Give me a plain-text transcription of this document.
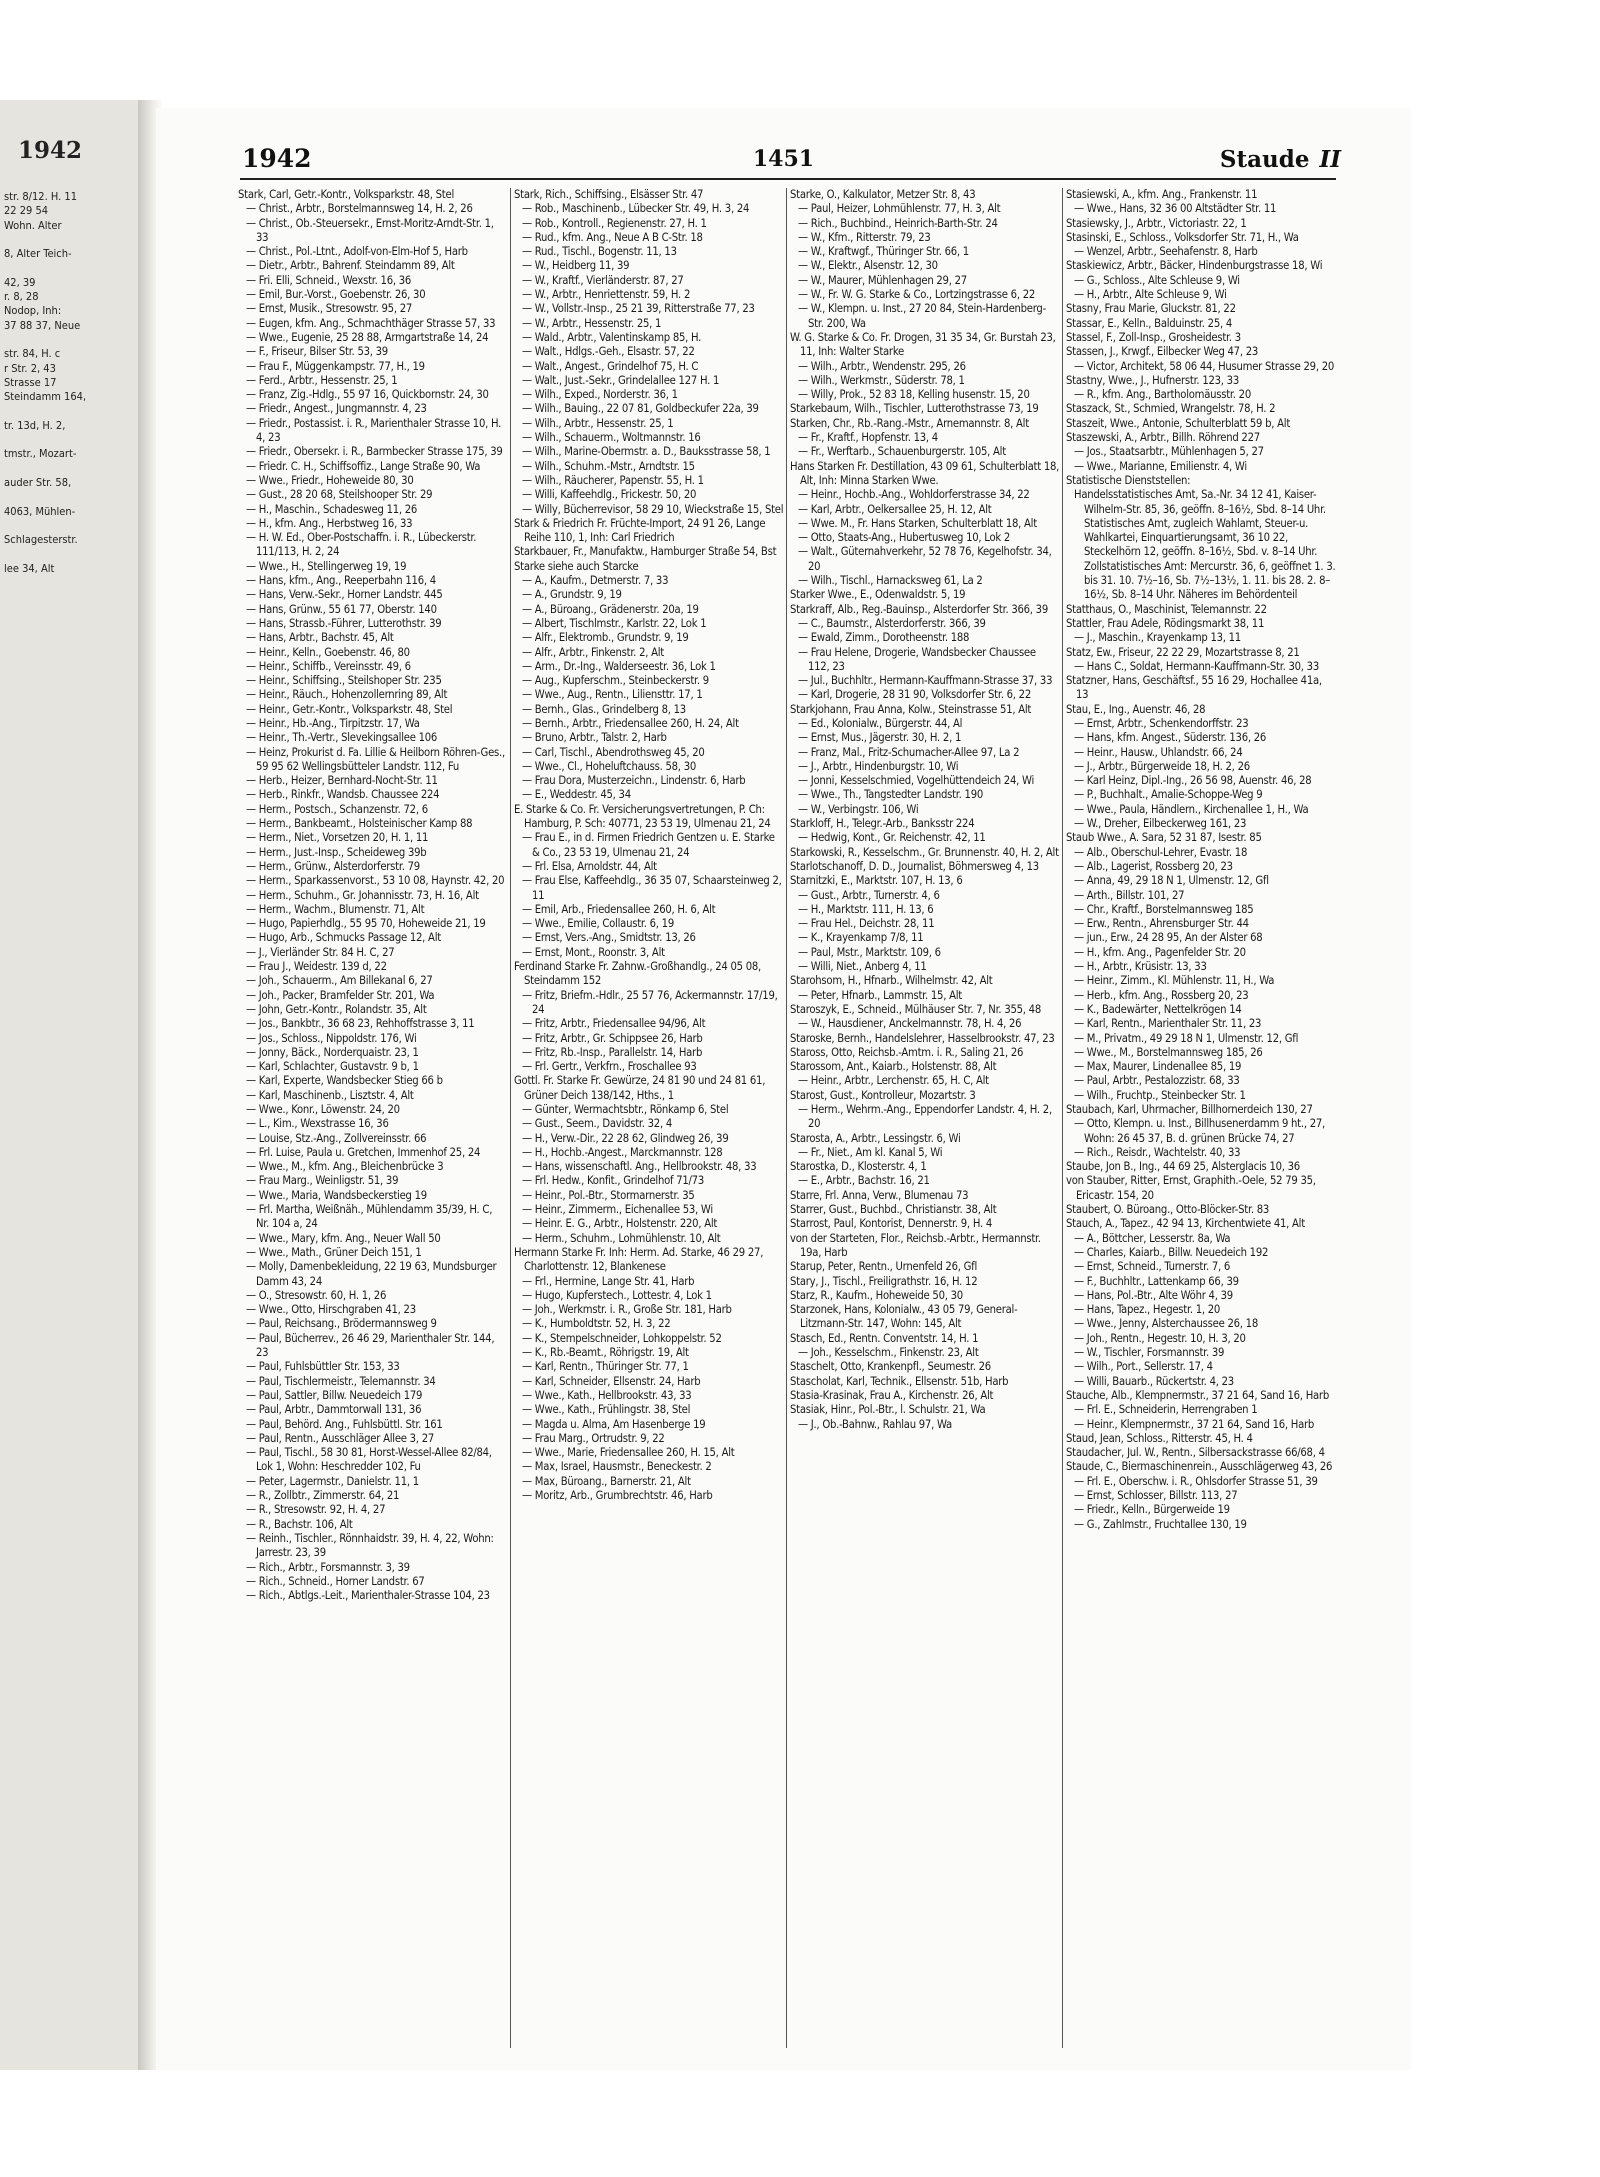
1942

str. 8/12. H. 11

22 29 54

Wohn. Alter

8, Alter Teich-

42, 39

r. 8, 28

Nodop, Inh:

37 88 37, Neue

str. 84, H. c

r Str. 2, 43

Strasse 17

Steindamm 164,

tr. 13d, H. 2,

tmstr., Mozart-

auder Str. 58,

4063, Mühlen-

Schlagesterstr.

lee 34, Alt

1942	1451	Staude II

Stark, Carl, Getr.-Kontr., Volksparkstr. 48, Stel

— Christ., Arbtr., Borstelmannsweg 14, H. 2, 26

— Christ., Ob.-Steuersekr., Ernst-Moritz-Arndt-Str. 1, 33

— Christ., Pol.-Ltnt., Adolf-von-Elm-Hof 5, Harb

— Dietr., Arbtr., Bahrenf. Steindamm 89, Alt

— Fri. Elli, Schneid., Wexstr. 16, 36

— Emil, Bur.-Vorst., Goebenstr. 26, 30

— Ernst, Musik., Stresowstr. 95, 27

— Eugen, kfm. Ang., Schmachthäger Strasse 57, 33

— Wwe., Eugenie, 25 28 88, Armgartstraße 14, 24

— F., Friseur, Bilser Str. 53, 39

— Frau F., Müggenkampstr. 77, H., 19

— Ferd., Arbtr., Hessenstr. 25, 1

— Franz, Zig.-Hdlg., 55 97 16, Quickbornstr. 24, 30

— Friedr., Angest., Jungmannstr. 4, 23

— Friedr., Postassist. i. R., Marienthaler Strasse 10, H. 4, 23

— Friedr., Obersekr. i. R., Barmbecker Strasse 175, 39

— Friedr. C. H., Schiffsoffiz., Lange Straße 90, Wa

— Wwe., Friedr., Hoheweide 80, 30

— Gust., 28 20 68, Steilshooper Str. 29

— H., Maschin., Schadesweg 11, 26

— H., kfm. Ang., Herbstweg 16, 33

— H. W. Ed., Ober-Postschaffn. i. R., Lübeckerstr. 111/113, H. 2, 24

— Wwe., H., Stellingerweg 19, 19

— Hans, kfm., Ang., Reeperbahn 116, 4

— Hans, Verw.-Sekr., Horner Landstr. 445

— Hans, Grünw., 55 61 77, Oberstr. 140

— Hans, Strassb.-Führer, Lutterothstr. 39

— Hans, Arbtr., Bachstr. 45, Alt

— Heinr., Kelln., Goebenstr. 46, 80

— Heinr., Schiffb., Vereinsstr. 49, 6

— Heinr., Schiffsing., Steilshoper Str. 235

— Heinr., Räuch., Hohenzollernring 89, Alt

— Heinr., Getr.-Kontr., Volksparkstr. 48, Stel

— Heinr., Hb.-Ang., Tirpitzstr. 17, Wa

— Heinr., Th.-Vertr., Slevekingsallee 106

— Heinz, Prokurist d. Fa. Lillie & Heilborn Röhren-Ges., 59 95 62 Wellingsbütteler Landstr. 112, Fu

— Herb., Heizer, Bernhard-Nocht-Str. 11

— Herb., Rinkfr., Wandsb. Chaussee 224

— Herm., Postsch., Schanzenstr. 72, 6

— Herm., Bankbeamt., Holsteinischer Kamp 88

— Herm., Niet., Vorsetzen 20, H. 1, 11

— Herm., Just.-Insp., Scheideweg 39b

— Herm., Grünw., Alsterdorferstr. 79

— Herm., Sparkassenvorst., 53 10 08, Haynstr. 42, 20

— Herm., Schuhm., Gr. Johannisstr. 73, H. 16, Alt

— Herm., Wachm., Blumenstr. 71, Alt

— Hugo, Papierhdlg., 55 95 70, Hoheweide 21, 19

— Hugo, Arb., Schmucks Passage 12, Alt

— J., Vierländer Str. 84 H. C, 27

— Frau J., Weidestr. 139 d, 22

— Joh., Schauerm., Am Billekanal 6, 27

— Joh., Packer, Bramfelder Str. 201, Wa

— John, Getr.-Kontr., Rolandstr. 35, Alt

— Jos., Bankbtr., 36 68 23, Rehhoffstrasse 3, 11

— Jos., Schloss., Nippoldstr. 176, Wi

— Jonny, Bäck., Norderquaistr. 23, 1

— Karl, Schlachter, Gustavstr. 9 b, 1

— Karl, Experte, Wandsbecker Stieg 66 b

— Karl, Maschinenb., Lisztstr. 4, Alt

— Wwe., Konr., Löwenstr. 24, 20

— L., Kim., Wexstrasse 16, 36

— Louise, Stz.-Ang., Zollvereinsstr. 66

— Frl. Luise, Paula u. Gretchen, Immenhof 25, 24

— Wwe., M., kfm. Ang., Bleichenbrücke 3

— Frau Marg., Weinligstr. 51, 39

— Wwe., Maria, Wandsbeckerstieg 19

— Frl. Martha, Weißnäh., Mühlendamm 35/39, H. C, Nr. 104 a, 24

— Wwe., Mary, kfm. Ang., Neuer Wall 50

— Wwe., Math., Grüner Deich 151, 1

— Molly, Damenbekleidung, 22 19 63, Mundsburger Damm 43, 24

— O., Stresowstr. 60, H. 1, 26

— Wwe., Otto, Hirschgraben 41, 23

— Paul, Reichsang., Brödermannsweg 9

— Paul, Bücherrev., 26 46 29, Marienthaler Str. 144, 23

— Paul, Fuhlsbüttler Str. 153, 33

— Paul, Tischlermeistr., Telemannstr. 34

— Paul, Sattler, Billw. Neuedeich 179

— Paul, Arbtr., Dammtorwall 131, 36

— Paul, Behörd. Ang., Fuhlsbüttl. Str. 161

— Paul, Rentn., Ausschläger Allee 3, 27

— Paul, Tischl., 58 30 81, Horst-Wessel-Allee 82/84, Lok 1, Wohn: Heschredder 102, Fu

— Peter, Lagermstr., Danielstr. 11, 1

— R., Zollbtr., Zimmerstr. 64, 21

— R., Stresowstr. 92, H. 4, 27

— R., Bachstr. 106, Alt

— Reinh., Tischler., Rönnhaidstr. 39, H. 4, 22, Wohn: Jarrestr. 23, 39

— Rich., Arbtr., Forsmannstr. 3, 39

— Rich., Schneid., Horner Landstr. 67

— Rich., Abtlgs.-Leit., Marienthaler-Strasse 104, 23

Stark, Rich., Schiffsing., Elsässer Str. 47

— Rob., Maschinenb., Lübecker Str. 49, H. 3, 24

— Rob., Kontroll., Regienenstr. 27, H. 1

— Rud., kfm. Ang., Neue A B C-Str. 18

— Rud., Tischl., Bogenstr. 11, 13

— W., Heidberg 11, 39

— W., Kraftf., Vierländerstr. 87, 27

— W., Arbtr., Henriettenstr. 59, H. 2

— W., Vollstr.-Insp., 25 21 39, Ritterstraße 77, 23

— W., Arbtr., Hessenstr. 25, 1

— Wald., Arbtr., Valentinskamp 85, H.

— Walt., Hdlgs.-Geh., Elsastr. 57, 22

— Walt., Angest., Grindelhof 75, H. C

— Walt., Just.-Sekr., Grindelallee 127 H. 1

— Wilh., Exped., Norderstr. 36, 1

— Wilh., Bauing., 22 07 81, Goldbeckufer 22a, 39

— Wilh., Arbtr., Hessenstr. 25, 1

— Wilh., Schauerm., Woltmannstr. 16

— Wilh., Marine-Obermstr. a. D., Bauksstrasse 58, 1

— Wilh., Schuhm.-Mstr., Arndtstr. 15

— Wilh., Räucherer, Papenstr. 55, H. 1

— Willi, Kaffeehdlg., Frickestr. 50, 20

— Willy, Bücherrevisor, 58 29 10, Wieckstraße 15, Stel

Stark & Friedrich Fr. Früchte-Import, 24 91 26, Lange Reihe 110, 1, Inh: Carl Friedrich

Starkbauer, Fr., Manufaktw., Hamburger Straße 54, Bst

Starke siehe auch Starcke

— A., Kaufm., Detmerstr. 7, 33

— A., Grundstr. 9, 19

— A., Büroang., Grädenerstr. 20a, 19

— Albert, Tischlmstr., Karlstr. 22, Lok 1

— Alfr., Elektromb., Grundstr. 9, 19

— Alfr., Arbtr., Finkenstr. 2, Alt

— Arm., Dr.-Ing., Walderseestr. 36, Lok 1

— Aug., Kupferschm., Steinbeckerstr. 9

— Wwe., Aug., Rentn., Liliensttr. 17, 1

— Bernh., Glas., Grindelberg 8, 13

— Bernh., Arbtr., Friedensallee 260, H. 24, Alt

— Bruno, Arbtr., Talstr. 2, Harb

— Carl, Tischl., Abendrothsweg 45, 20

— Wwe., Cl., Hoheluftchauss. 58, 30

— Frau Dora, Musterzeichn., Lindenstr. 6, Harb

— E., Weddestr. 45, 34

E. Starke & Co. Fr. Versicherungsvertretungen, P. Ch: Hamburg, P. Sch: 40771, 23 53 19, Ulmenau 21, 24

— Frau E., in d. Firmen Friedrich Gentzen u. E. Starke & Co., 23 53 19, Ulmenau 21, 24

— Frl. Elsa, Arnoldstr. 44, Alt

— Frau Else, Kaffeehdlg., 36 35 07, Schaarsteinweg 2, 11

— Emil, Arb., Friedensallee 260, H. 6, Alt

— Wwe., Emilie, Collaustr. 6, 19

— Ernst, Vers.-Ang., Smidtstr. 13, 26

— Ernst, Mont., Roonstr. 3, Alt

Ferdinand Starke Fr. Zahnw.-Großhandlg., 24 05 08, Steindamm 152

— Fritz, Briefm.-Hdlr., 25 57 76, Ackermannstr. 17/19, 24

— Fritz, Arbtr., Friedensallee 94/96, Alt

— Fritz, Arbtr., Gr. Schippsee 26, Harb

— Fritz, Rb.-Insp., Parallelstr. 14, Harb

— Frl. Gertr., Verkfrn., Froschallee 93

Gottl. Fr. Starke Fr. Gewürze, 24 81 90 und 24 81 61, Grüner Deich 138/142, Hths., 1

— Günter, Wermachtsbtr., Rönkamp 6, Stel

— Gust., Seem., Davidstr. 32, 4

— H., Verw.-Dir., 22 28 62, Glindweg 26, 39

— H., Hochb.-Angest., Marckmannstr. 128

— Hans, wissenschaftl. Ang., Hellbrookstr. 48, 33

— Frl. Hedw., Konfit., Grindelhof 71/73

— Heinr., Pol.-Btr., Stormarnerstr. 35

— Heinr., Zimmerm., Eichenallee 53, Wi

— Heinr. E. G., Arbtr., Holstenstr. 220, Alt

— Herm., Schuhm., Lohmühlenstr. 10, Alt

Hermann Starke Fr. Inh: Herm. Ad. Starke, 46 29 27, Charlottenstr. 12, Blankenese

— Frl., Hermine, Lange Str. 41, Harb

— Hugo, Kupferstech., Lottestr. 4, Lok 1

— Joh., Werkmstr. i. R., Große Str. 181, Harb

— K., Humboldtstr. 52, H. 3, 22

— K., Stempelschneider, Lohkoppelstr. 52

— K., Rb.-Beamt., Röhrigstr. 19, Alt

— Karl, Rentn., Thüringer Str. 77, 1

— Karl, Schneider, Ellsenstr. 24, Harb

— Wwe., Kath., Hellbrookstr. 43, 33

— Wwe., Kath., Frühlingstr. 38, Stel

— Magda u. Alma, Am Hasenberge 19

— Frau Marg., Ortrudstr. 9, 22

— Wwe., Marie, Friedensallee 260, H. 15, Alt

— Max, Israel, Hausmstr., Beneckestr. 2

— Max, Büroang., Barnerstr. 21, Alt

— Moritz, Arb., Grumbrechtstr. 46, Harb

Starke, O., Kalkulator, Metzer Str. 8, 43

— Paul, Heizer, Lohmühlenstr. 77, H. 3, Alt

— Rich., Buchbind., Heinrich-Barth-Str. 24

— W., Kfm., Ritterstr. 79, 23

— W., Kraftwgf., Thüringer Str. 66, 1

— W., Elektr., Alsenstr. 12, 30

— W., Maurer, Mühlenhagen 29, 27

— W., Fr. W. G. Starke & Co., Lortzingstrasse 6, 22

— W., Klempn. u. Inst., 27 20 84, Stein-Hardenberg-Str. 200, Wa

W. G. Starke & Co. Fr. Drogen, 31 35 34, Gr. Burstah 23, 11, Inh: Walter Starke

— Wilh., Arbtr., Wendenstr. 295, 26

— Wilh., Werkmstr., Süderstr. 78, 1

— Willy, Prok., 52 83 18, Kelling husenstr. 15, 20

Starkebaum, Wilh., Tischler, Lutterothstrasse 73, 19

Starken, Chr., Rb.-Rang.-Mstr., Arnemannstr. 8, Alt

— Fr., Kraftf., Hopfenstr. 13, 4

— Fr., Werftarb., Schauenburgerstr. 105, Alt

Hans Starken Fr. Destillation, 43 09 61, Schulterblatt 18, Alt, Inh: Minna Starken Wwe.

— Heinr., Hochb.-Ang., Wohldorferstrasse 34, 22

— Karl, Arbtr., Oelkersallee 25, H. 12, Alt

— Wwe. M., Fr. Hans Starken, Schulterblatt 18, Alt

— Otto, Staats-Ang., Hubertusweg 10, Lok 2

— Walt., Güternahverkehr, 52 78 76, Kegelhofstr. 34, 20

— Wilh., Tischl., Harnacksweg 61, La 2

Starker Wwe., E., Odenwaldstr. 5, 19

Starkraff, Alb., Reg.-Bauinsp., Alsterdorfer Str. 366, 39

— C., Baumstr., Alsterdorferstr. 366, 39

— Ewald, Zimm., Dorotheenstr. 188

— Frau Helene, Drogerie, Wandsbecker Chaussee 112, 23

— Jul., Buchhltr., Hermann-Kauffmann-Strasse 37, 33

— Karl, Drogerie, 28 31 90, Volksdorfer Str. 6, 22

Starkjohann, Frau Anna, Kolw., Steinstrasse 51, Alt

— Ed., Kolonialw., Bürgerstr. 44, Al

— Ernst, Mus., Jägerstr. 30, H. 2, 1

— Franz, Mal., Fritz-Schumacher-Allee 97, La 2

— J., Arbtr., Hindenburgstr. 10, Wi

— Jonni, Kesselschmied, Vogelhüttendeich 24, Wi

— Wwe., Th., Tangstedter Landstr. 190

— W., Verbingstr. 106, Wi

Starkloff, H., Telegr.-Arb., Banksstr 224

— Hedwig, Kont., Gr. Reichenstr. 42, 11

Starkowski, R., Kesselschm., Gr. Brunnenstr. 40, H. 2, Alt

Starlotschanoff, D. D., Journalist, Böhmersweg 4, 13

Starnitzki, E., Marktstr. 107, H. 13, 6

— Gust., Arbtr., Turnerstr. 4, 6

— H., Marktstr. 111, H. 13, 6

— Frau Hel., Deichstr. 28, 11

— K., Krayenkamp 7/8, 11

— Paul, Mstr., Marktstr. 109, 6

— Willi, Niet., Anberg 4, 11

Starohsom, H., Hfnarb., Wilhelmstr. 42, Alt

— Peter, Hfnarb., Lammstr. 15, Alt

Staroszyk, E., Schneid., Mülhäuser Str. 7, Nr. 355, 48

— W., Hausdiener, Anckelmannstr. 78, H. 4, 26

Staroske, Bernh., Handelslehrer, Hasselbrookstr. 47, 23

Staross, Otto, Reichsb.-Amtm. i. R., Saling 21, 26

Starossom, Ant., Kaiarb., Holstenstr. 88, Alt

— Heinr., Arbtr., Lerchenstr. 65, H. C, Alt

Starost, Gust., Kontrolleur, Mozartstr. 3

— Herm., Wehrm.-Ang., Eppendorfer Landstr. 4, H. 2, 20

Starosta, A., Arbtr., Lessingstr. 6, Wi

— Fr., Niet., Am kl. Kanal 5, Wi

Starostka, D., Klosterstr. 4, 1

— E., Arbtr., Bachstr. 16, 21

Starre, Frl. Anna, Verw., Blumenau 73

Starrer, Gust., Buchbd., Christianstr. 38, Alt

Starrost, Paul, Kontorist, Dennerstr. 9, H. 4

von der Starteten, Flor., Reichsb.-Arbtr., Hermannstr. 19a, Harb

Starup, Peter, Rentn., Urnenfeld 26, Gfl

Stary, J., Tischl., Freiligrathstr. 16, H. 12

Starz, R., Kaufm., Hoheweide 50, 30

Starzonek, Hans, Kolonialw., 43 05 79, General-Litzmann-Str. 147, Wohn: 145, Alt

Stasch, Ed., Rentn. Conventstr. 14, H. 1

— Joh., Kesselschm., Finkenstr. 23, Alt

Staschelt, Otto, Krankenpfl., Seumestr. 26

Stascholat, Karl, Technik., Ellsenstr. 51b, Harb

Stasia-Krasinak, Frau A., Kirchenstr. 26, Alt

Stasiak, Hinr., Pol.-Btr., l. Schulstr. 21, Wa

— J., Ob.-Bahnw., Rahlau 97, Wa

Stasiewski, A., kfm. Ang., Frankenstr. 11

— Wwe., Hans, 32 36 00 Altstädter Str. 11

Stasiewsky, J., Arbtr., Victoriastr. 22, 1

Stasinski, E., Schloss., Volksdorfer Str. 71, H., Wa

— Wenzel, Arbtr., Seehafenstr. 8, Harb

Staskiewicz, Arbtr., Bäcker, Hindenburgstrasse 18, Wi

— G., Schloss., Alte Schleuse 9, Wi

— H., Arbtr., Alte Schleuse 9, Wi

Stasny, Frau Marie, Gluckstr. 81, 22

Stassar, E., Kelln., Balduinstr. 25, 4

Stassel, F., Zoll-Insp., Grosheidestr. 3

Stassen, J., Krwgf., Eilbecker Weg 47, 23

— Victor, Architekt, 58 06 44, Husumer Strasse 29, 20

Stastny, Wwe., J., Hufnerstr. 123, 33

— R., kfm. Ang., Bartholomäusstr. 20

Staszack, St., Schmied, Wrangelstr. 78, H. 2

Staszeit, Wwe., Antonie, Schulterblatt 59 b, Alt

Staszewski, A., Arbtr., Billh. Röhrend 227

— Jos., Staatsarbtr., Mühlenhagen 5, 27

— Wwe., Marianne, Emilienstr. 4, Wi

Statistische Dienststellen:

Handelsstatistisches Amt, Sa.-Nr. 34 12 41, Kaiser-Wilhelm-Str. 85, 36, geöffn. 8–16½, Sbd. 8–14 Uhr. Statistisches Amt, zugleich Wahlamt, Steuer-u. Wahlkartei, Einquartierungsamt, 36 10 22, Steckelhörn 12, geöffn. 8–16½, Sbd. v. 8–14 Uhr. Zollstatistisches Amt: Mercurstr. 36, 6, geöffnet 1. 3. bis 31. 10. 7½–16, Sb. 7½–13½, 1. 11. bis 28. 2. 8–16½, Sb. 8–14 Uhr. Näheres im Behördenteil

Statthaus, O., Maschinist, Telemannstr. 22

Stattler, Frau Adele, Rödingsmarkt 38, 11

— J., Maschin., Krayenkamp 13, 11

Statz, Ew., Friseur, 22 22 29, Mozartstrasse 8, 21

— Hans C., Soldat, Hermann-Kauffmann-Str. 30, 33

Statzner, Hans, Geschäftsf., 55 16 29, Hochallee 41a, 13

Stau, E., Ing., Auenstr. 46, 28

— Ernst, Arbtr., Schenkendorffstr. 23

— Hans, kfm. Angest., Süderstr. 136, 26

— Heinr., Hausw., Uhlandstr. 66, 24

— J., Arbtr., Bürgerweide 18, H. 2, 26

— Karl Heinz, Dipl.-Ing., 26 56 98, Auenstr. 46, 28

— P., Buchhalt., Amalie-Schoppe-Weg 9

— Wwe., Paula, Händlern., Kirchenallee 1, H., Wa

— W., Dreher, Eilbeckerweg 161, 23

Staub Wwe., A. Sara, 52 31 87, Isestr. 85

— Alb., Oberschul-Lehrer, Evastr. 18

— Alb., Lagerist, Rossberg 20, 23

— Anna, 49, 29 18 N 1, Ulmenstr. 12, Gfl

— Arth., Billstr. 101, 27

— Chr., Kraftf., Borstelmannsweg 185

— Erw., Rentn., Ahrensburger Str. 44

— jun., Erw., 24 28 95, An der Alster 68

— H., kfm. Ang., Pagenfelder Str. 20

— H., Arbtr., Krüsistr. 13, 33

— Heinr., Zimm., Kl. Mühlenstr. 11, H., Wa

— Herb., kfm. Ang., Rossberg 20, 23

— K., Badewärter, Nettelkrögen 14

— Karl, Rentn., Marienthaler Str. 11, 23

— M., Privatm., 49 29 18 N 1, Ulmenstr. 12, Gfl

— Wwe., M., Borstelmannsweg 185, 26

— Max, Maurer, Lindenallee 85, 19

— Paul, Arbtr., Pestalozzistr. 68, 33

— Wilh., Fruchtp., Steinbecker Str. 1

Staubach, Karl, Uhrmacher, Billhornerdeich 130, 27

— Otto, Klempn. u. Inst., Billhusenerdamm 9 ht., 27, Wohn: 26 45 37, B. d. grünen Brücke 74, 27

— Rich., Reisdr., Wachtelstr. 40, 33

Staube, Jon B., Ing., 44 69 25, Alsterglacis 10, 36

von Stauber, Ritter, Ernst, Graphith.-Oele, 52 79 35, Ericastr. 154, 20

Staubert, O. Büroang., Otto-Blöcker-Str. 83

Stauch, A., Tapez., 42 94 13, Kirchentwiete 41, Alt

— A., Böttcher, Lesserstr. 8a, Wa

— Charles, Kaiarb., Billw. Neuedeich 192

— Ernst, Schneid., Turnerstr. 7, 6

— F., Buchhltr., Lattenkamp 66, 39

— Hans, Pol.-Btr., Alte Wöhr 4, 39

— Hans, Tapez., Hegestr. 1, 20

— Wwe., Jenny, Alsterchaussee 26, 18

— Joh., Rentn., Hegestr. 10, H. 3, 20

— W., Tischler, Forsmannstr. 39

— Wilh., Port., Sellerstr. 17, 4

— Willi, Bauarb., Rückertstr. 4, 23

Stauche, Alb., Klempnermstr., 37 21 64, Sand 16, Harb

— Frl. E., Schneiderin, Herrengraben 1

— Heinr., Klempnermstr., 37 21 64, Sand 16, Harb

Staud, Jean, Schloss., Ritterstr. 45, H. 4

Staudacher, Jul. W., Rentn., Silbersackstrasse 66/68, 4

Staude, C., Biermaschinenrein., Ausschlägerweg 43, 26

— Frl. E., Oberschw. i. R., Ohlsdorfer Strasse 51, 39

— Ernst, Schlosser, Billstr. 113, 27

— Friedr., Kelln., Bürgerweide 19

— G., Zahlmstr., Fruchtallee 130, 19
